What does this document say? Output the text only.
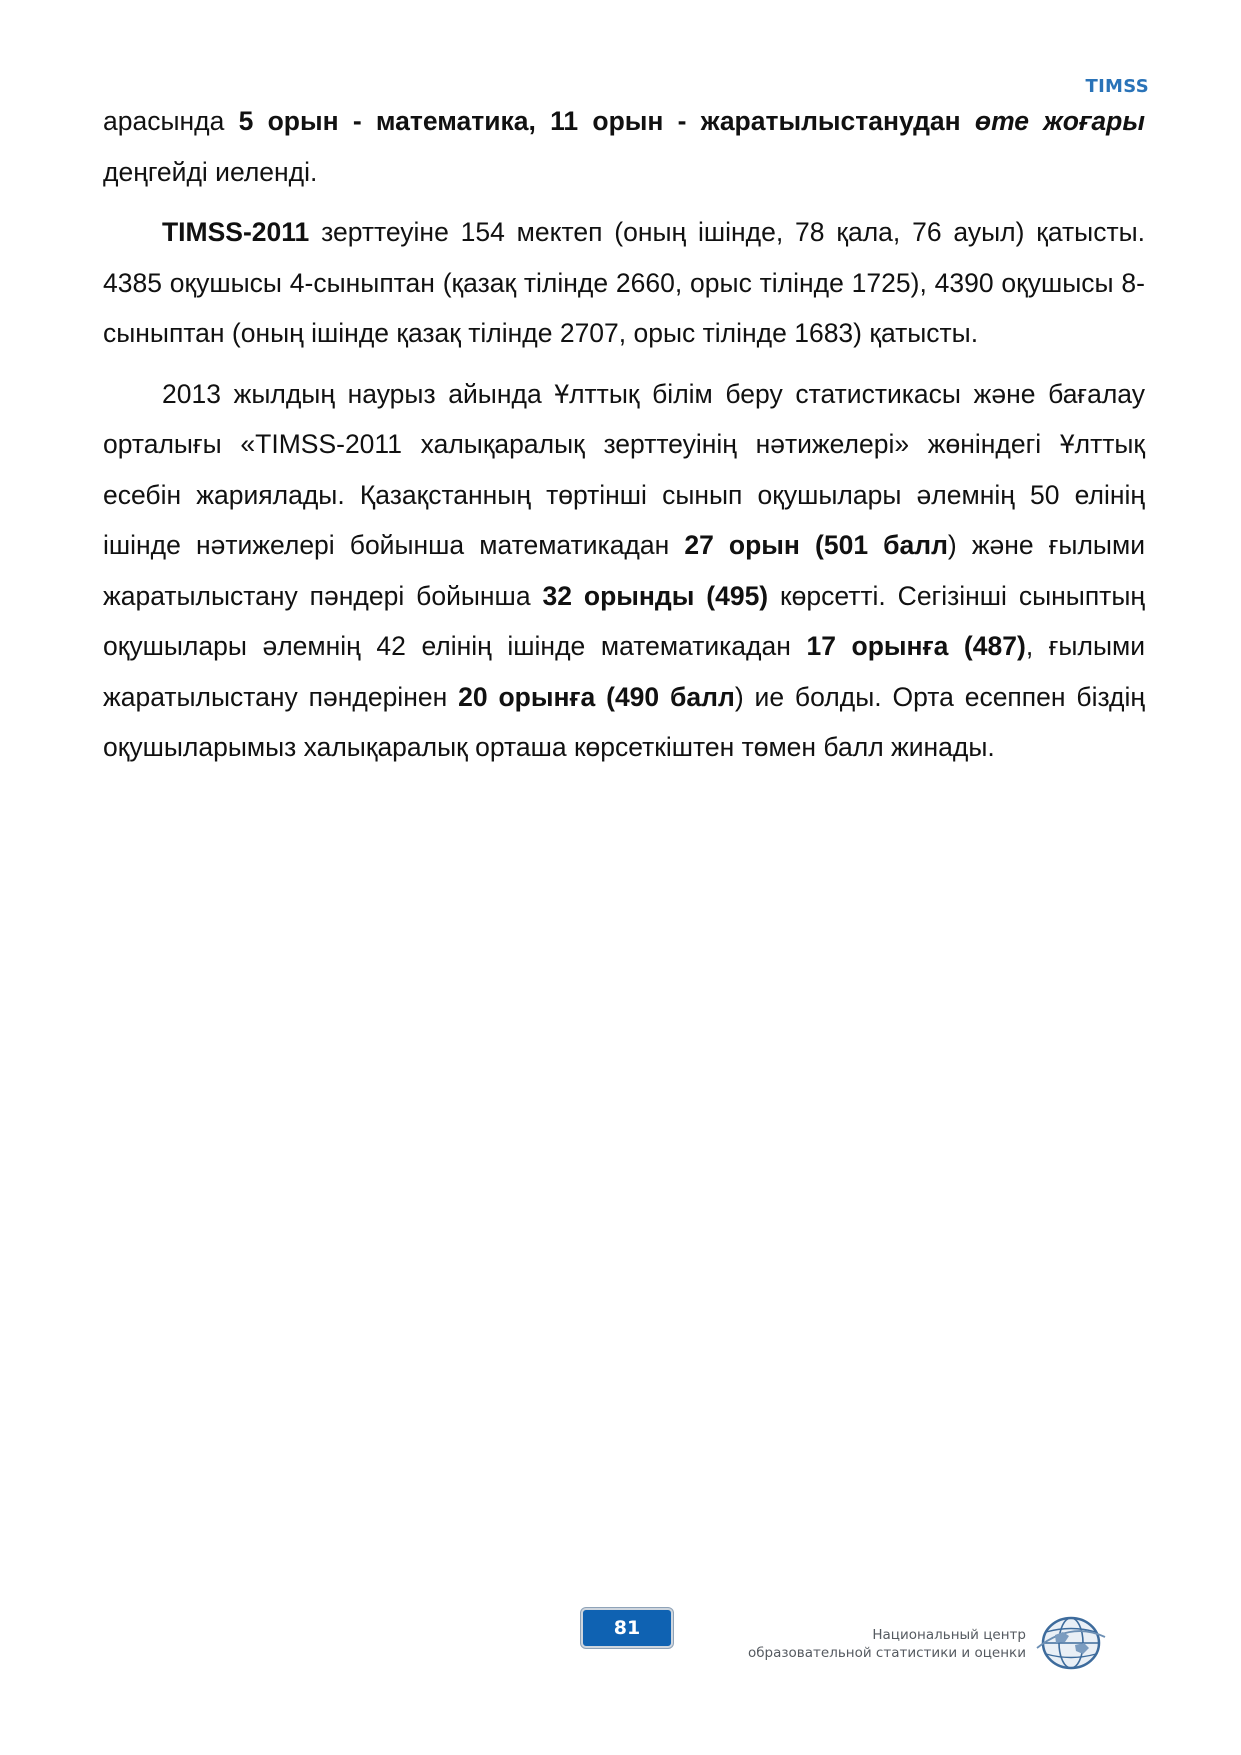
TIMSS

арасында 5 орын - математика, 11 орын - жаратылыстанудан өте жоғары деңгейді иеленді.

TIMSS-2011 зерттеуіне 154 мектеп (оның ішінде, 78 қала, 76 ауыл) қатысты. 4385 оқушысы 4-сыныптан (қазақ тілінде 2660, орыс тілінде 1725), 4390 оқушысы 8-сыныптан (оның ішінде қазақ тілінде 2707, орыс тілінде 1683) қатысты.

2013 жылдың наурыз айында Ұлттық білім беру статистикасы және бағалау орталығы «TIMSS-2011 халықаралық зерттеуінің нәтижелері» жөніндегі Ұлттық есебін жариялады. Қазақстанның төртінші сынып оқушылары әлемнің 50 елінің ішінде нәтижелері бойынша математикадан 27 орын (501 балл) және ғылыми жаратылыстану пәндері бойынша 32 орынды (495) көрсетті. Сегізінші сыныптың оқушылары әлемнің 42 елінің ішінде математикадан 17 орынға (487), ғылыми жаратылыстану пәндерінен 20 орынға (490 балл) ие болды. Орта есеппен біздің оқушыларымыз халықаралық орташа көрсеткіштен төмен балл жинады.

81	Национальный центр
образовательной статистики и оценки
